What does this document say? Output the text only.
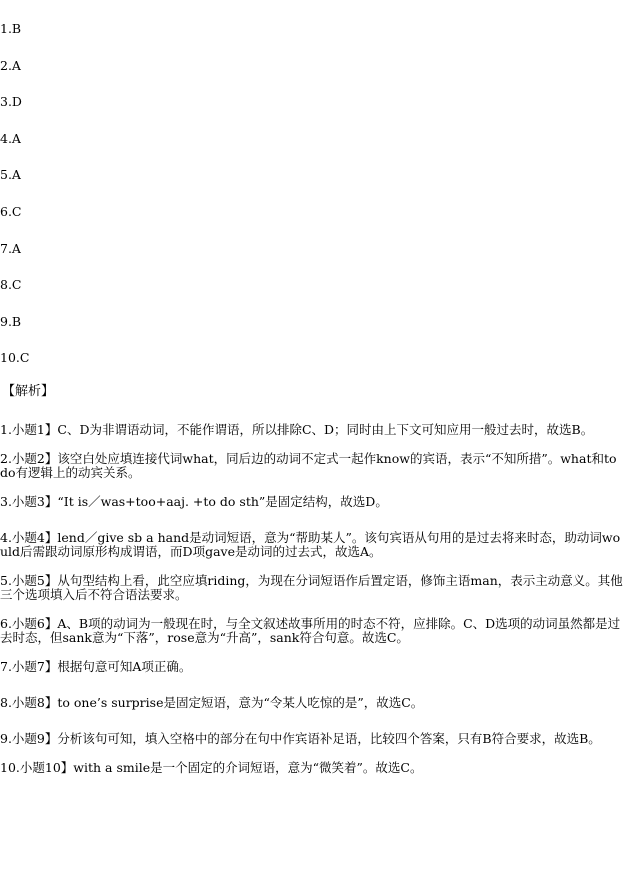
1.B
2.A
3.D
4.A
5.A
6.C
7.A
8.C
9.B
10.C
【解析】
1.小题1】C、D为非谓语动词，不能作谓语，所以排除C、D；同时由上下文可知应用一般过去时，故选B。
2.小题2】该空白处应填连接代词what，同后边的动词不定式一起作know的宾语，表示“不知所措”。what和to do有逻辑上的动宾关系。
3.小题3】“It is／was+too+aaj. +to do sth”是固定结构，故选D。
4.小题4】lend／give sb a hand是动词短语，意为“帮助某人”。该句宾语从句用的是过去将来时态，助动词would后需跟动词原形构成谓语，而D项gave是动词的过去式，故选A。
5.小题5】从句型结构上看，此空应填riding，为现在分词短语作后置定语，修饰主语man，表示主动意义。其他三个选项填入后不符合语法要求。
6.小题6】A、B项的动词为一般现在时，与全文叙述故事所用的时态不符，应排除。C、D选项的动词虽然都是过去时态，但sank意为“下落”，rose意为“升高”，sank符合句意。故选C。
7.小题7】根据句意可知A项正确。
8.小题8】to one’s surprise是固定短语，意为“令某人吃惊的是”，故选C。
9.小题9】分析该句可知，填入空格中的部分在句中作宾语补足语，比较四个答案，只有B符合要求，故选B。
10.小题10】with a smile是一个固定的介词短语，意为“微笑着”。故选C。
